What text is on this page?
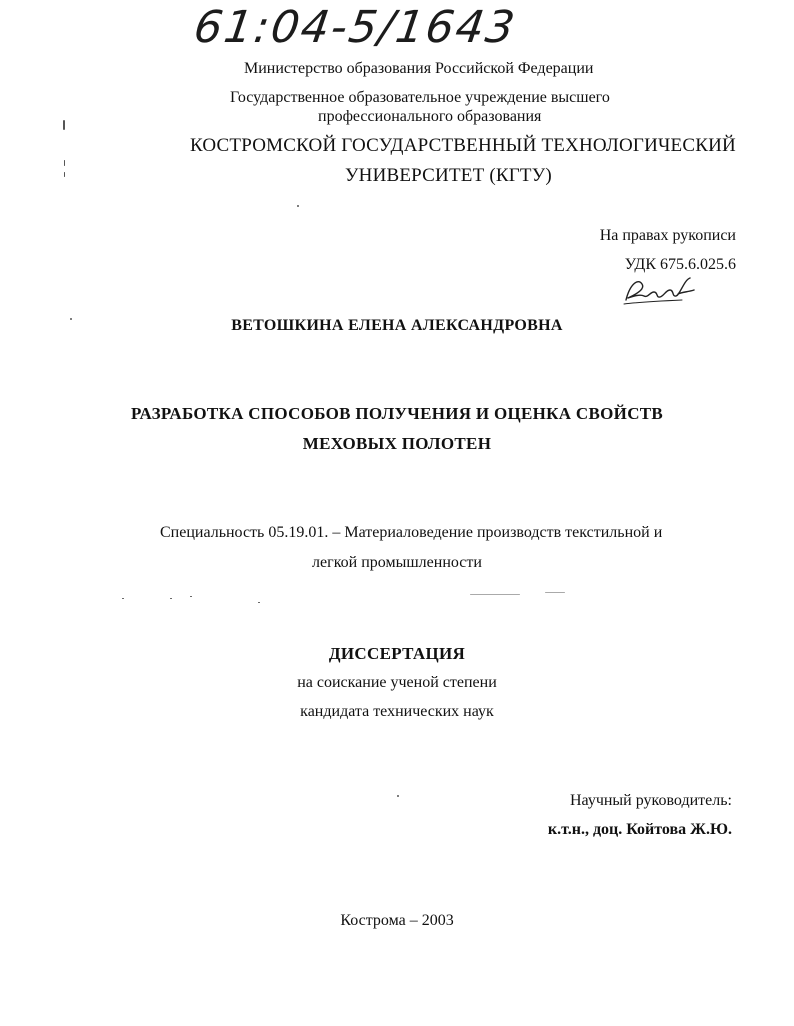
61:04-5/1643
Министерство образования Российской Федерации
Государственное образовательное учреждение высшего
профессионального образования
КОСТРОМСКОЙ ГОСУДАРСТВЕННЫЙ ТЕХНОЛОГИЧЕСКИЙ
УНИВЕРСИТЕТ (КГТУ)
На правах рукописи
УДК 675.6.025.6
ВЕТОШКИНА ЕЛЕНА АЛЕКСАНДРОВНА
РАЗРАБОТКА СПОСОБОВ ПОЛУЧЕНИЯ И ОЦЕНКА СВОЙСТВ
МЕХОВЫХ ПОЛОТЕН
Специальность 05.19.01. – Материаловедение производств текстильной и
легкой промышленности
ДИССЕРТАЦИЯ
на соискание ученой степени
кандидата технических наук
Научный руководитель:
к.т.н., доц. Койтова Ж.Ю.
Кострома – 2003
